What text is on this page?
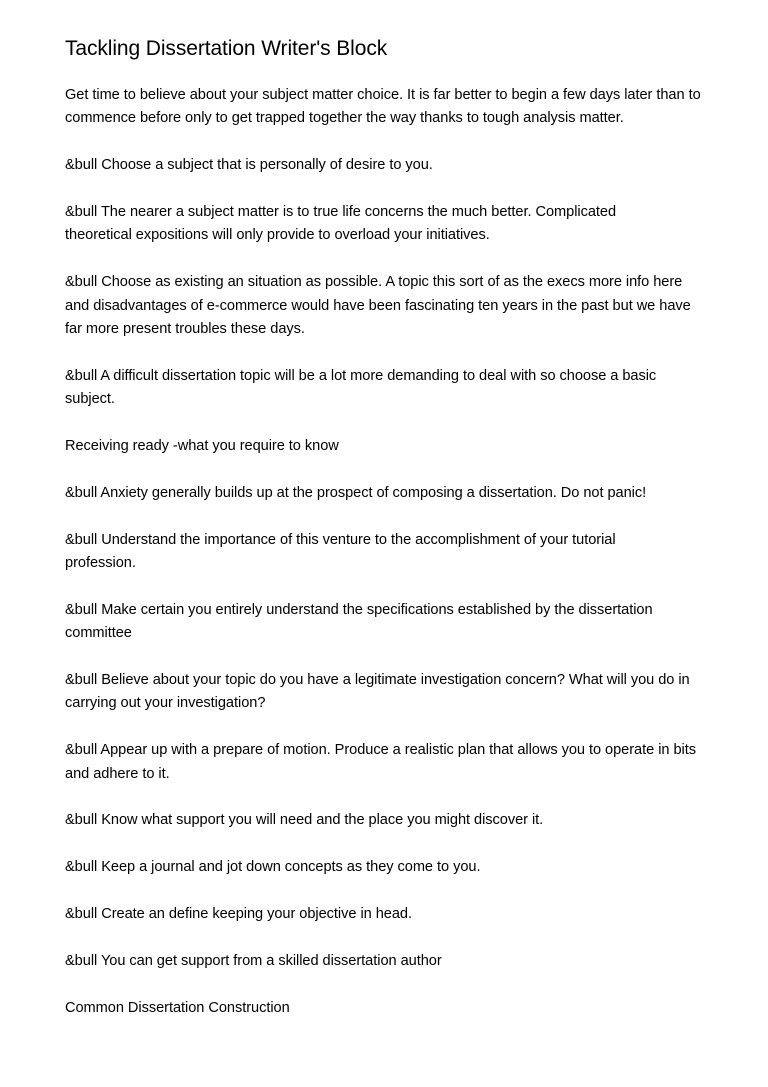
Tackling Dissertation Writer's Block

Get time to believe about your subject matter choice. It is far better to begin a few days later than to commence before only to get trapped together the way thanks to tough analysis matter.

&bull Choose a subject that is personally of desire to you.

&bull The nearer a subject matter is to true life concerns the much better. Complicated theoretical expositions will only provide to overload your initiatives.

&bull Choose as existing an situation as possible. A topic this sort of as the execs more info here and disadvantages of e-commerce would have been fascinating ten years in the past but we have far more present troubles these days.

&bull A difficult dissertation topic will be a lot more demanding to deal with so choose a basic subject.

Receiving ready -what you require to know

&bull Anxiety generally builds up at the prospect of composing a dissertation. Do not panic!

&bull Understand the importance of this venture to the accomplishment of your tutorial profession.

&bull Make certain you entirely understand the specifications established by the dissertation committee

&bull Believe about your topic do you have a legitimate investigation concern? What will you do in carrying out your investigation?

&bull Appear up with a prepare of motion. Produce a realistic plan that allows you to operate in bits and adhere to it.

&bull Know what support you will need and the place you might discover it.

&bull Keep a journal and jot down concepts as they come to you.

&bull Create an define keeping your objective in head.

&bull You can get support from a skilled dissertation author

Common Dissertation Construction
